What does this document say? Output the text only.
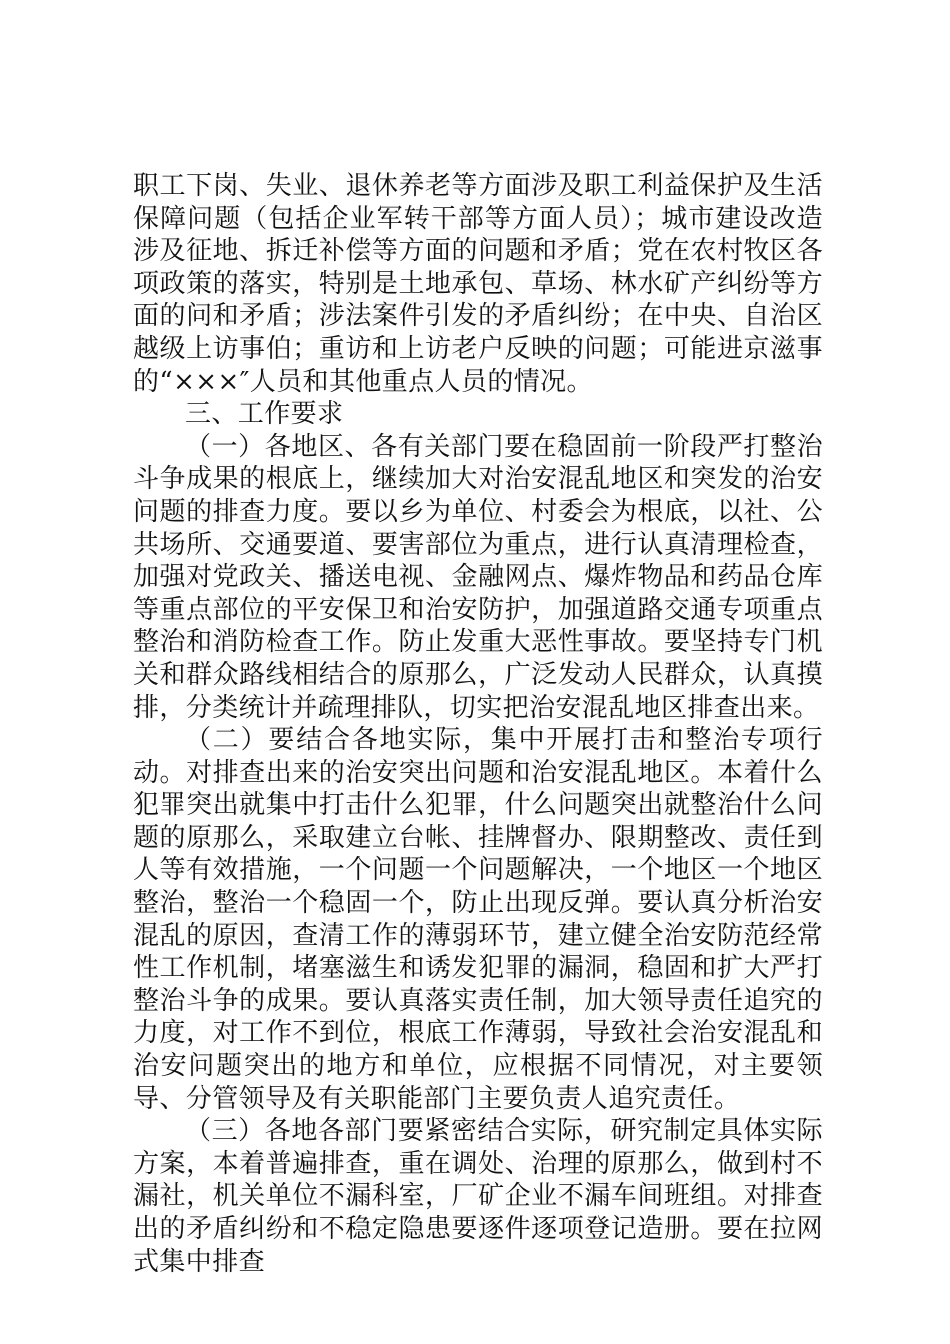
职工下岗、失业、退休养老等方面涉及职工利益保护及生活保障问题（包括企业军转干部等方面人员）；城市建设改造涉及征地、拆迁补偿等方面的问题和矛盾；党在农村牧区各项政策的落实，特别是土地承包、草场、林水矿产纠纷等方面的问和矛盾；涉法案件引发的矛盾纠纷；在中央、自治区越级上访事伯；重访和上访老户反映的问题；可能进京滋事的“×××″人员和其他重点人员的情况。

三、工作要求

（一）各地区、各有关部门要在稳固前一阶段严打整治斗争成果的根底上，继续加大对治安混乱地区和突发的治安问题的排查力度。要以乡为单位、村委会为根底，以社、公共场所、交通要道、要害部位为重点，进行认真清理检查，加强对党政关、播送电视、金融网点、爆炸物品和药品仓库等重点部位的平安保卫和治安防护，加强道路交通专项重点整治和消防检查工作。防止发重大恶性事故。要坚持专门机关和群众路线相结合的原那么，广泛发动人民群众，认真摸排，分类统计并疏理排队，切实把治安混乱地区排查出来。

（二）要结合各地实际，集中开展打击和整治专项行动。对排查出来的治安突出问题和治安混乱地区。本着什么犯罪突出就集中打击什么犯罪，什么问题突出就整治什么问题的原那么，采取建立台帐、挂牌督办、限期整改、责任到人等有效措施，一个问题一个问题解决，一个地区一个地区整治，整治一个稳固一个，防止出现反弹。要认真分析治安混乱的原因，查清工作的薄弱环节，建立健全治安防范经常性工作机制，堵塞滋生和诱发犯罪的漏洞，稳固和扩大严打整治斗争的成果。要认真落实责任制，加大领导责任追究的力度，对工作不到位，根底工作薄弱，导致社会治安混乱和治安问题突出的地方和单位，应根据不同情况，对主要领导、分管领导及有关职能部门主要负责人追究责任。

（三）各地各部门要紧密结合实际，研究制定具体实际方案，本着普遍排查，重在调处、治理的原那么，做到村不漏社，机关单位不漏科室，厂矿企业不漏车间班组。对排查出的矛盾纠纷和不稳定隐患要逐件逐项登记造册。要在拉网式集中排查
